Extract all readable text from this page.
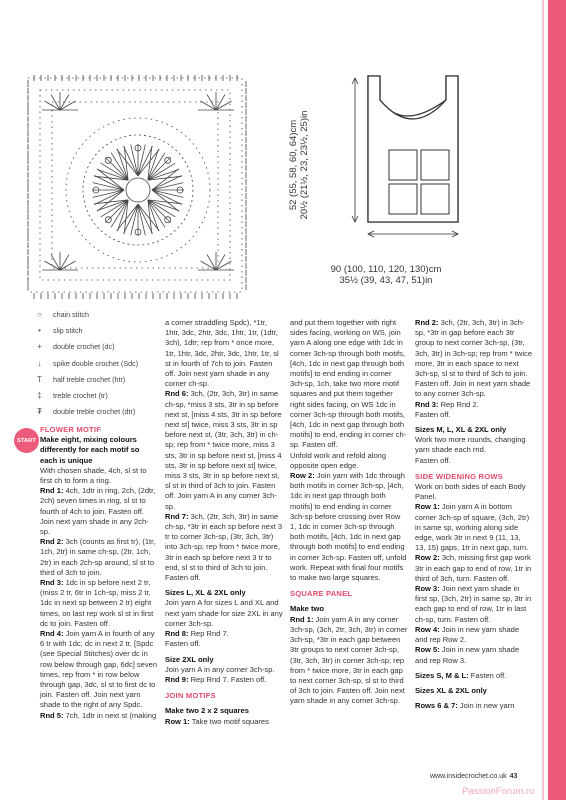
52 (55, 58, 60, 64)cm 20½ (21½, 23, 23½, 25)in
90 (100, 110, 120, 130)cm
35½ (39, 43, 47, 51)in
○	chain stitch
•	slip stitch
+	double crochet (dc)
↓	spike double crochet (Sdc)
T	half treble crochet (htr)
‡	treble crochet (tr)
₮	double treble crochet (dtr)
START

FLOWER MOTIF

Make eight, mixing colours differently for each motif so each is unique

With chosen shade, 4ch, sl st to first ch to form a ring.

Rnd 1: 4ch, 1dtr in ring, 2ch, (2dtr, 2ch) seven times in ring, sl st to fourth of 4ch to join. Fasten off. Join next yarn shade in any 2ch-sp.

Rnd 2: 3ch (counts as first tr), (1tr, 1ch, 2tr) in same ch-sp, (2tr, 1ch, 2tr) in each 2ch-sp around, sl st to third of 3ch to join.

Rnd 3: 1dc in sp before next 2 tr, (miss 2 tr, 6tr in 1ch-sp, miss 2 tr, 1dc in next sp between 2 tr) eight times, on last rep work sl st in first dc to join. Fasten off.

Rnd 4: Join yarn A in fourth of any 6 tr with 1dc, dc in next 2 tr, [Spdc (see Special Stitches) over dc in row below through gap, 6dc] seven times, rep from * in row below through gap, 3dc, sl st to first dc to join. Fasten off. Join next yarn shade to the right of any Spdc.

Rnd 5: 7ch, 1dtr in next st (making

a corner straddling Spdc), *1tr, 1htr, 3dc, 2htr, 3dc, 1htr, 1tr, (1dtr, 3ch), 1dtr; rep from * once more, 1tr, 1htr, 3dc, 2htr, 3dc, 1htr, 1tr, sl st in fourth of 7ch to join. Fasten off. Join next yarn shade in any corner ch-sp.

Rnd 6: 3ch, (2tr, 3ch, 3tr) in same ch-sp, *miss 3 sts, 3tr in sp before next st, [miss 4 sts, 3tr in sp before next st] twice, miss 3 sts, 3tr in sp before next st, (3tr, 3ch, 3tr) in ch-sp; rep from * twice more, miss 3 sts, 3tr in sp before next st, [miss 4 sts, 3tr in sp before next st] twice, miss 3 sts, 3tr in sp before next st, sl st in third of 3ch to join. Fasten off. Join yarn A in any corner 3ch-sp.

Rnd 7: 3ch, (2tr, 3ch, 3tr) in same ch-sp, *3tr in each sp before next 3 tr to corner 3ch-sp, (3tr, 3ch, 3tr) into 3ch-sp; rep from * twice more, 3tr in each sp before next 3 tr to end, sl st to third of 3ch to join. Fasten off.

Sizes L, XL & 2XL only

Join yarn A for sizes L and XL and next yarn shade for size 2XL in any corner 3ch-sp.

Rnd 8: Rep Rnd 7.

Fasten off.

Size 2XL only

Join yarn A in any corner 3ch-sp.

Rnd 9: Rep Rnd 7. Fasten off.

JOIN MOTIFS

Make two 2 x 2 squares

Row 1: Take two motif squares

and put them together with right sides facing, working on WS, join yarn A along one edge with 1dc in corner 3ch-sp through both motifs, [4ch, 1dc in next gap through both motifs] to end ending in corner 3ch-sp, 1ch, take two more motif squares and put them together right sides facing, on WS 1dc in corner 3ch-sp through both motifs, [4ch, 1dc in next gap through both motifs] to end, ending in corner ch-sp. Fasten off.

Unfold work and refold along opposite open edge.

Row 2: Join yarn with 1dc through both motifs in corner 3ch-sp, [4ch, 1dc in next gap through both motifs] to end ending in corner 3ch-sp before crossing over Row 1, 1dc in corner 3ch-sp through both motifs, [4ch, 1dc in next gap through both motifs] to end ending in corner 3ch-sp. Fasten off, unfold work. Repeat with final four motifs to make two large squares.

SQUARE PANEL

Make two

Rnd 1: Join yarn A in any corner 3ch-sp, (3ch, 2tr, 3ch, 3tr) in corner 3ch-sp, *3tr in each gap between 3tr groups to next corner 3ch-sp, (3tr, 3ch, 3tr) in corner 3ch-sp; rep from * twice more, 3tr in each gap to next corner 3ch-sp, sl st to third of 3ch to join. Fasten off. Join next yarn shade in any corner 3ch-sp.

Rnd 2: 3ch, (2tr, 3ch, 3tr) in 3ch-sp, *3tr in gap before each 3tr group to next corner 3ch-sp, (3tr, 3ch, 3tr) in 3ch-sp; rep from * twice more, 3tr in each space to next 3ch-sp, sl st to third of 3ch to join. Fasten off. Join in next yarn shade to any corner 3ch-sp.

Rnd 3: Rep Rnd 2.

Fasten off.

Sizes M, L, XL & 2XL only

Work two more rounds, changing yarn shade each rnd.

Fasten off.

SIDE WIDENING ROWS

Work on both sides of each Body Panel.

Row 1: Join yarn A in bottom corner 3ch-sp of square, (3ch, 2tr) in same sp, working along side edge, work 3tr in next 9 (11, 13, 13, 15) gaps, 1tr in next gap, turn.

Row 2: 3ch, missing first gap work 3tr in each gap to end of row, 1tr in third of 3ch, turn. Fasten off.

Row 3: Join next yarn shade in first sp, (3ch, 2tr) in same sp, 3tr in each gap to end of row, 1tr in last ch-sp, turn. Fasten off.

Row 4: Join in new yarn shade and rep Row 2.

Row 5: Join in new yarn shade and rep Row 3.

Sizes S, M & L: Fasten off.

Sizes XL & 2XL only

Rows 6 & 7: Join in new yarn

www.insidecrochet.co.uk 43
PassionForum.ru
